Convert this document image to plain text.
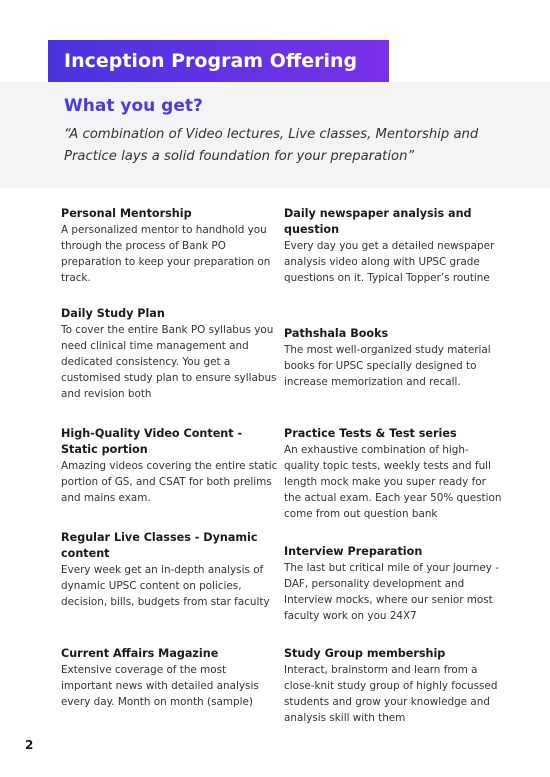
Inception Program Offering
What you get?
“A combination of Video lectures, Live classes, Mentorship and Practice lays a solid foundation for your preparation”

Personal Mentorship

A personalized mentor to handhold you through the process of Bank PO preparation to keep your preparation on track.

Daily Study Plan

To cover the entire Bank PO syllabus you need clinical time management and dedicated consistency. You get a customised study plan to ensure syllabus and revision both

High-Quality Video Content - Static portion

Amazing videos covering the entire static portion of GS, and CSAT for both prelims and mains exam.

Regular Live Classes - Dynamic content

Every week get an in-depth analysis of dynamic UPSC content on policies, decision, bills, budgets from star faculty

Current Affairs Magazine

Extensive coverage of the most important news with detailed analysis every day. Month on month (sample)

Daily newspaper analysis and question

Every day you get a detailed newspaper analysis video along with UPSC grade questions on it. Typical Topper’s routine

Pathshala Books

The most well-organized study material books for UPSC specially designed to increase memorization and recall.

Practice Tests & Test series

An exhaustive combination of high-quality topic tests, weekly tests and full length mock make you super ready for the actual exam. Each year 50% question come from out question bank

Interview Preparation

The last but critical mile of your journey - DAF, personality development and Interview mocks, where our senior most faculty work on you 24X7

Study Group membership

Interact, brainstorm and learn from a close-knit study group of highly focussed students and grow your knowledge and analysis skill with them

2
